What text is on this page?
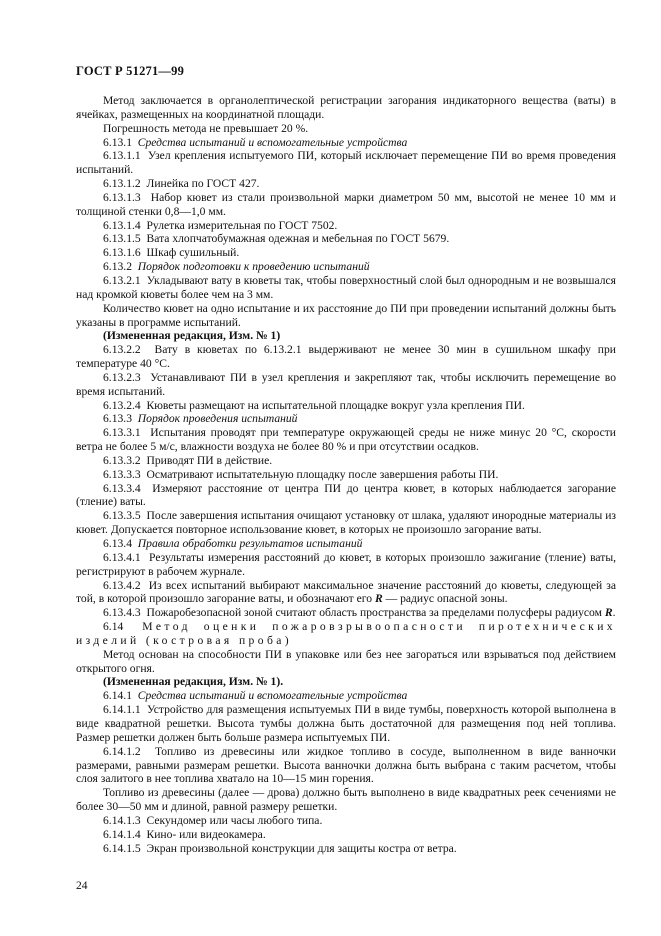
ГОСТ Р 51271—99

Метод заключается в органолептической регистрации загорания индикаторного вещества (ваты) в ячейках, размещенных на координатной площади.

Погрешность метода не превышает 20 %.

6.13.1 Средства испытаний и вспомогательные устройства

6.13.1.1 Узел крепления испытуемого ПИ, который исключает перемещение ПИ во время проведения испытаний.

6.13.1.2 Линейка по ГОСТ 427.

6.13.1.3 Набор кювет из стали произвольной марки диаметром 50 мм, высотой не менее 10 мм и толщиной стенки 0,8—1,0 мм.

6.13.1.4 Рулетка измерительная по ГОСТ 7502.

6.13.1.5 Вата хлопчатобумажная одежная и мебельная по ГОСТ 5679.

6.13.1.6 Шкаф сушильный.

6.13.2 Порядок подготовки к проведению испытаний

6.13.2.1 Укладывают вату в кюветы так, чтобы поверхностный слой был однородным и не возвышался над кромкой кюветы более чем на 3 мм.

Количество кювет на одно испытание и их расстояние до ПИ при проведении испытаний должны быть указаны в программе испытаний.

(Измененная редакция, Изм. № 1)

6.13.2.2 Вату в кюветах по 6.13.2.1 выдерживают не менее 30 мин в сушильном шкафу при температуре 40 °С.

6.13.2.3 Устанавливают ПИ в узел крепления и закрепляют так, чтобы исключить перемещение во время испытаний.

6.13.2.4 Кюветы размещают на испытательной площадке вокруг узла крепления ПИ.

6.13.3 Порядок проведения испытаний

6.13.3.1 Испытания проводят при температуре окружающей среды не ниже минус 20 °С, скорости ветра не более 5 м/с, влажности воздуха не более 80 % и при отсутствии осадков.

6.13.3.2 Приводят ПИ в действие.

6.13.3.3 Осматривают испытательную площадку после завершения работы ПИ.

6.13.3.4 Измеряют расстояние от центра ПИ до центра кювет, в которых наблюдается загорание (тление) ваты.

6.13.3.5 После завершения испытания очищают установку от шлака, удаляют инородные материалы из кювет. Допускается повторное использование кювет, в которых не произошло загорание ваты.

6.13.4 Правила обработки результатов испытаний

6.13.4.1 Результаты измерения расстояний до кювет, в которых произошло зажигание (тление) ваты, регистрируют в рабочем журнале.

6.13.4.2 Из всех испытаний выбирают максимальное значение расстояний до кюветы, следующей за той, в которой произошло загорание ваты, и обозначают его R — радиус опасной зоны.

6.13.4.3 Пожаробезопасной зоной считают область пространства за пределами полусферы радиусом R.

6.14 Метод оценки пожаровзрывоопасности пиротехнических изделий (костровая проба)

Метод основан на способности ПИ в упаковке или без нее загораться или взрываться под действием открытого огня.

(Измененная редакция, Изм. № 1).

6.14.1 Средства испытаний и вспомогательные устройства

6.14.1.1 Устройство для размещения испытуемых ПИ в виде тумбы, поверхность которой выполнена в виде квадратной решетки. Высота тумбы должна быть достаточной для размещения под ней топлива. Размер решетки должен быть больше размера испытуемых ПИ.

6.14.1.2 Топливо из древесины или жидкое топливо в сосуде, выполненном в виде ванночки размерами, равными размерам решетки. Высота ванночки должна быть выбрана с таким расчетом, чтобы слоя залитого в нее топлива хватало на 10—15 мин горения.

Топливо из древесины (далее — дрова) должно быть выполнено в виде квадратных реек сечениями не более 30—50 мм и длиной, равной размеру решетки.

6.14.1.3 Секундомер или часы любого типа.

6.14.1.4 Кино- или видеокамера.

6.14.1.5 Экран произвольной конструкции для защиты костра от ветра.

24
